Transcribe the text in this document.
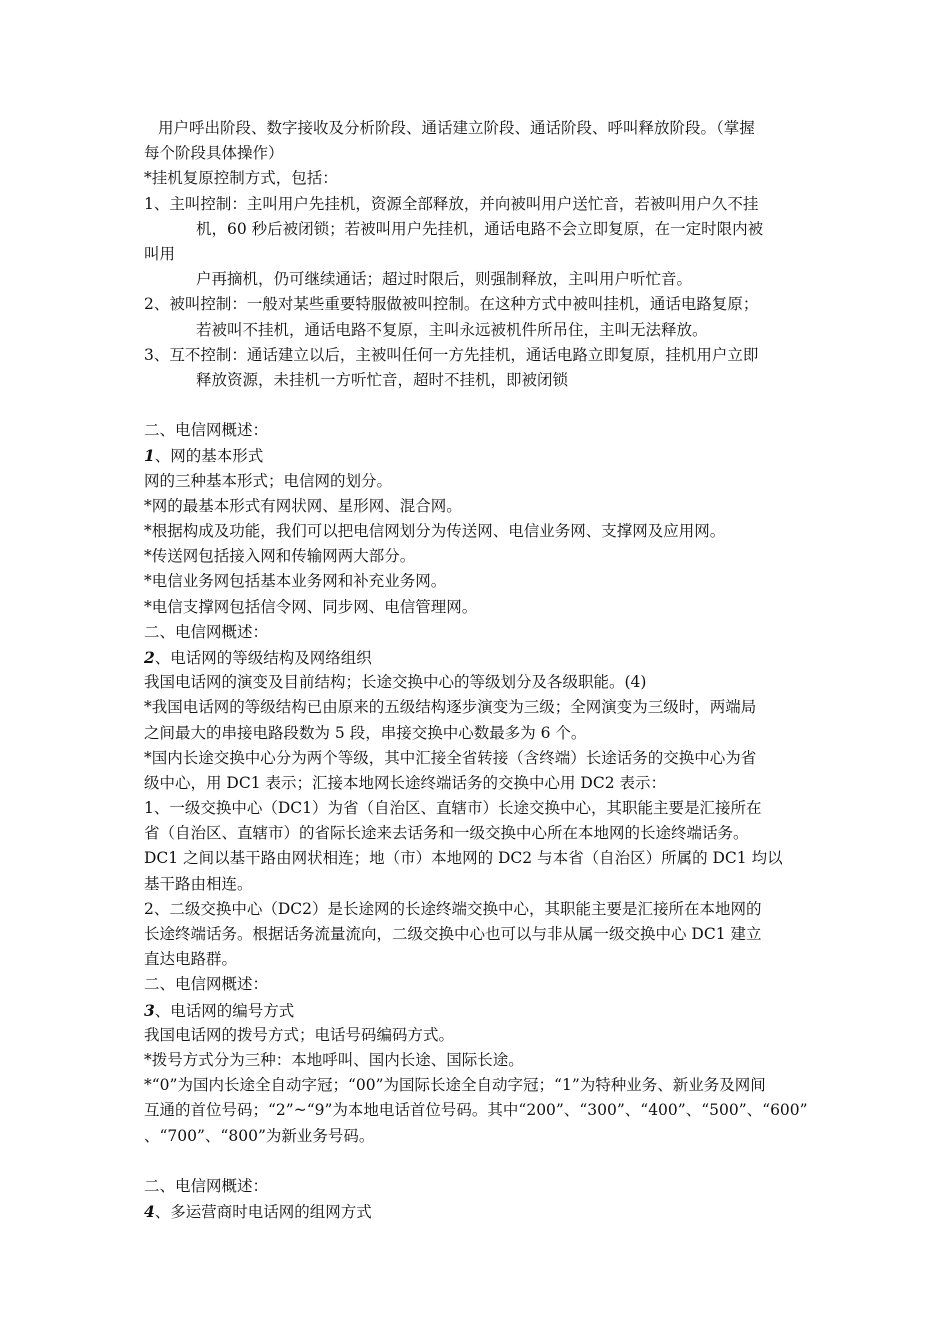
用户呼出阶段、数字接收及分析阶段、通话建立阶段、通话阶段、呼叫释放阶段。（掌握
每个阶段具体操作）
*挂机复原控制方式，包括：
1、主叫控制：主叫用户先挂机，资源全部释放，并向被叫用户送忙音，若被叫用户久不挂
机，60 秒后被闭锁；若被叫用户先挂机，通话电路不会立即复原，在一定时限内被
叫用
户再摘机，仍可继续通话；超过时限后，则强制释放，主叫用户听忙音。
2、被叫控制：一般对某些重要特服做被叫控制。在这种方式中被叫挂机，通话电路复原；
若被叫不挂机，通话电路不复原，主叫永远被机件所吊住，主叫无法释放。
3、互不控制：通话建立以后，主被叫任何一方先挂机，通话电路立即复原，挂机用户立即
释放资源，未挂机一方听忙音，超时不挂机，即被闭锁
二、电信网概述：
1、网的基本形式
网的三种基本形式；电信网的划分。
*网的最基本形式有网状网、星形网、混合网。
*根据构成及功能，我们可以把电信网划分为传送网、电信业务网、支撑网及应用网。
*传送网包括接入网和传输网两大部分。
*电信业务网包括基本业务网和补充业务网。
*电信支撑网包括信令网、同步网、电信管理网。
二、电信网概述：
2、电话网的等级结构及网络组织
我国电话网的演变及目前结构；长途交换中心的等级划分及各级职能。(4)
*我国电话网的等级结构已由原来的五级结构逐步演变为三级；全网演变为三级时，两端局
之间最大的串接电路段数为 5 段，串接交换中心数最多为 6 个。
*国内长途交换中心分为两个等级，其中汇接全省转接（含终端）长途话务的交换中心为省
级中心，用 DC1 表示；汇接本地网长途终端话务的交换中心用 DC2 表示：
1、一级交换中心（DC1）为省（自治区、直辖市）长途交换中心，其职能主要是汇接所在
省（自治区、直辖市）的省际长途来去话务和一级交换中心所在本地网的长途终端话务。
DC1 之间以基干路由网状相连；地（市）本地网的 DC2 与本省（自治区）所属的 DC1 均以
基干路由相连。
2、二级交换中心（DC2）是长途网的长途终端交换中心，其职能主要是汇接所在本地网的
长途终端话务。根据话务流量流向，二级交换中心也可以与非从属一级交换中心 DC1 建立
直达电路群。
二、电信网概述：
3、电话网的编号方式
我国电话网的拨号方式；电话号码编码方式。
*拨号方式分为三种：本地呼叫、国内长途、国际长途。
*“0”为国内长途全自动字冠；“00”为国际长途全自动字冠；“1”为特种业务、新业务及网间
互通的首位号码；“2”~“9”为本地电话首位号码。其中“200”、“300”、“400”、“500”、“600”
、“700”、“800”为新业务号码。
二、电信网概述：
4、多运营商时电话网的组网方式
